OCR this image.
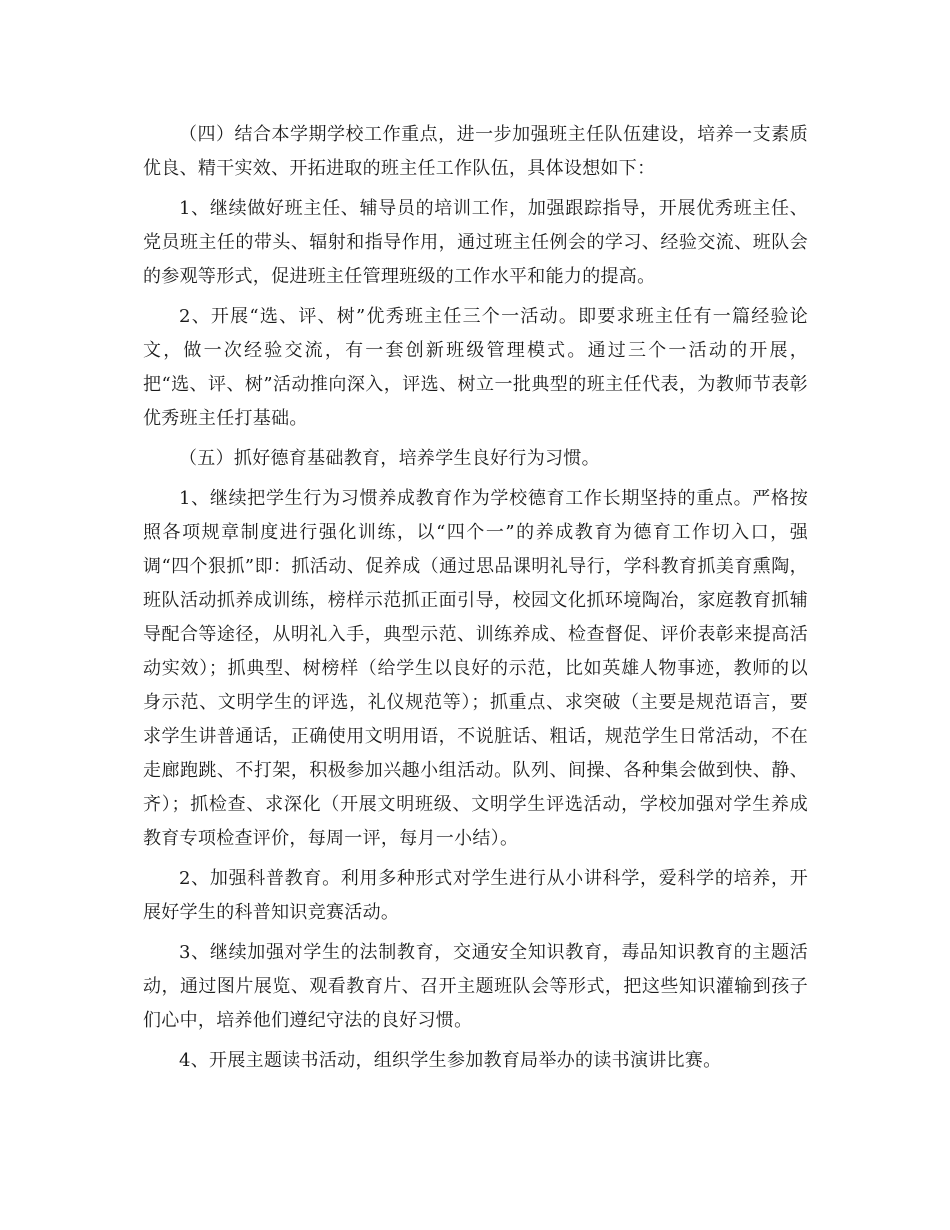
（四）结合本学期学校工作重点，进一步加强班主任队伍建设，培养一支素质优良、精干实效、开拓进取的班主任工作队伍，具体设想如下：

1、继续做好班主任、辅导员的培训工作，加强跟踪指导，开展优秀班主任、党员班主任的带头、辐射和指导作用，通过班主任例会的学习、经验交流、班队会的参观等形式，促进班主任管理班级的工作水平和能力的提高。

2、开展“选、评、树”优秀班主任三个一活动。即要求班主任有一篇经验论文，做一次经验交流，有一套创新班级管理模式。通过三个一活动的开展，把“选、评、树”活动推向深入，评选、树立一批典型的班主任代表，为教师节表彰优秀班主任打基础。

（五）抓好德育基础教育，培养学生良好行为习惯。

1、继续把学生行为习惯养成教育作为学校德育工作长期坚持的重点。严格按照各项规章制度进行强化训练，以“四个一”的养成教育为德育工作切入口，强调“四个狠抓”即：抓活动、促养成（通过思品课明礼导行，学科教育抓美育熏陶，班队活动抓养成训练，榜样示范抓正面引导，校园文化抓环境陶冶，家庭教育抓辅导配合等途径，从明礼入手，典型示范、训练养成、检查督促、评价表彰来提高活动实效）；抓典型、树榜样（给学生以良好的示范，比如英雄人物事迹，教师的以身示范、文明学生的评选，礼仪规范等）；抓重点、求突破（主要是规范语言，要求学生讲普通话，正确使用文明用语，不说脏话、粗话，规范学生日常活动，不在走廊跑跳、不打架，积极参加兴趣小组活动。队列、间操、各种集会做到快、静、齐）；抓检查、求深化（开展文明班级、文明学生评选活动，学校加强对学生养成教育专项检查评价，每周一评，每月一小结）。

2、加强科普教育。利用多种形式对学生进行从小讲科学，爱科学的培养，开展好学生的科普知识竞赛活动。

3、继续加强对学生的法制教育，交通安全知识教育，毒品知识教育的主题活动，通过图片展览、观看教育片、召开主题班队会等形式，把这些知识灌输到孩子们心中，培养他们遵纪守法的良好习惯。

4、开展主题读书活动，组织学生参加教育局举办的读书演讲比赛。
